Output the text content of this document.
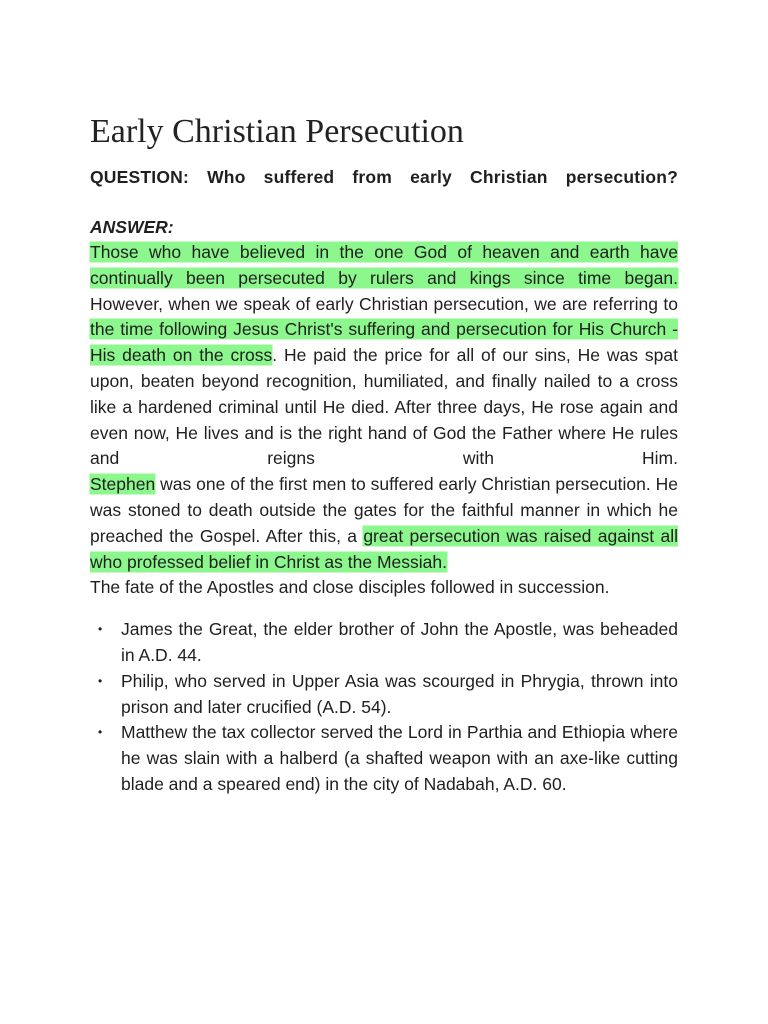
Early Christian Persecution
QUESTION: Who suffered from early Christian persecution?
ANSWER:

Those who have believed in the one God of heaven and earth have continually been persecuted by rulers and kings since time began. However, when we speak of early Christian persecution, we are referring to the time following Jesus Christ's suffering and persecution for His Church - His death on the cross. He paid the price for all of our sins, He was spat upon, beaten beyond recognition, humiliated, and finally nailed to a cross like a hardened criminal until He died. After three days, He rose again and even now, He lives and is the right hand of God the Father where He rules and reigns with Him.

Stephen was one of the first men to suffered early Christian persecution. He was stoned to death outside the gates for the faithful manner in which he preached the Gospel. After this, a great persecution was raised against all who professed belief in Christ as the Messiah.

The fate of the Apostles and close disciples followed in succession.

• James the Great, the elder brother of John the Apostle, was beheaded in A.D. 44.
• Philip, who served in Upper Asia was scourged in Phrygia, thrown into prison and later crucified (A.D. 54).
• Matthew the tax collector served the Lord in Parthia and Ethiopia where he was slain with a halberd (a shafted weapon with an axe-like cutting blade and a speared end) in the city of Nadabah, A.D. 60.
